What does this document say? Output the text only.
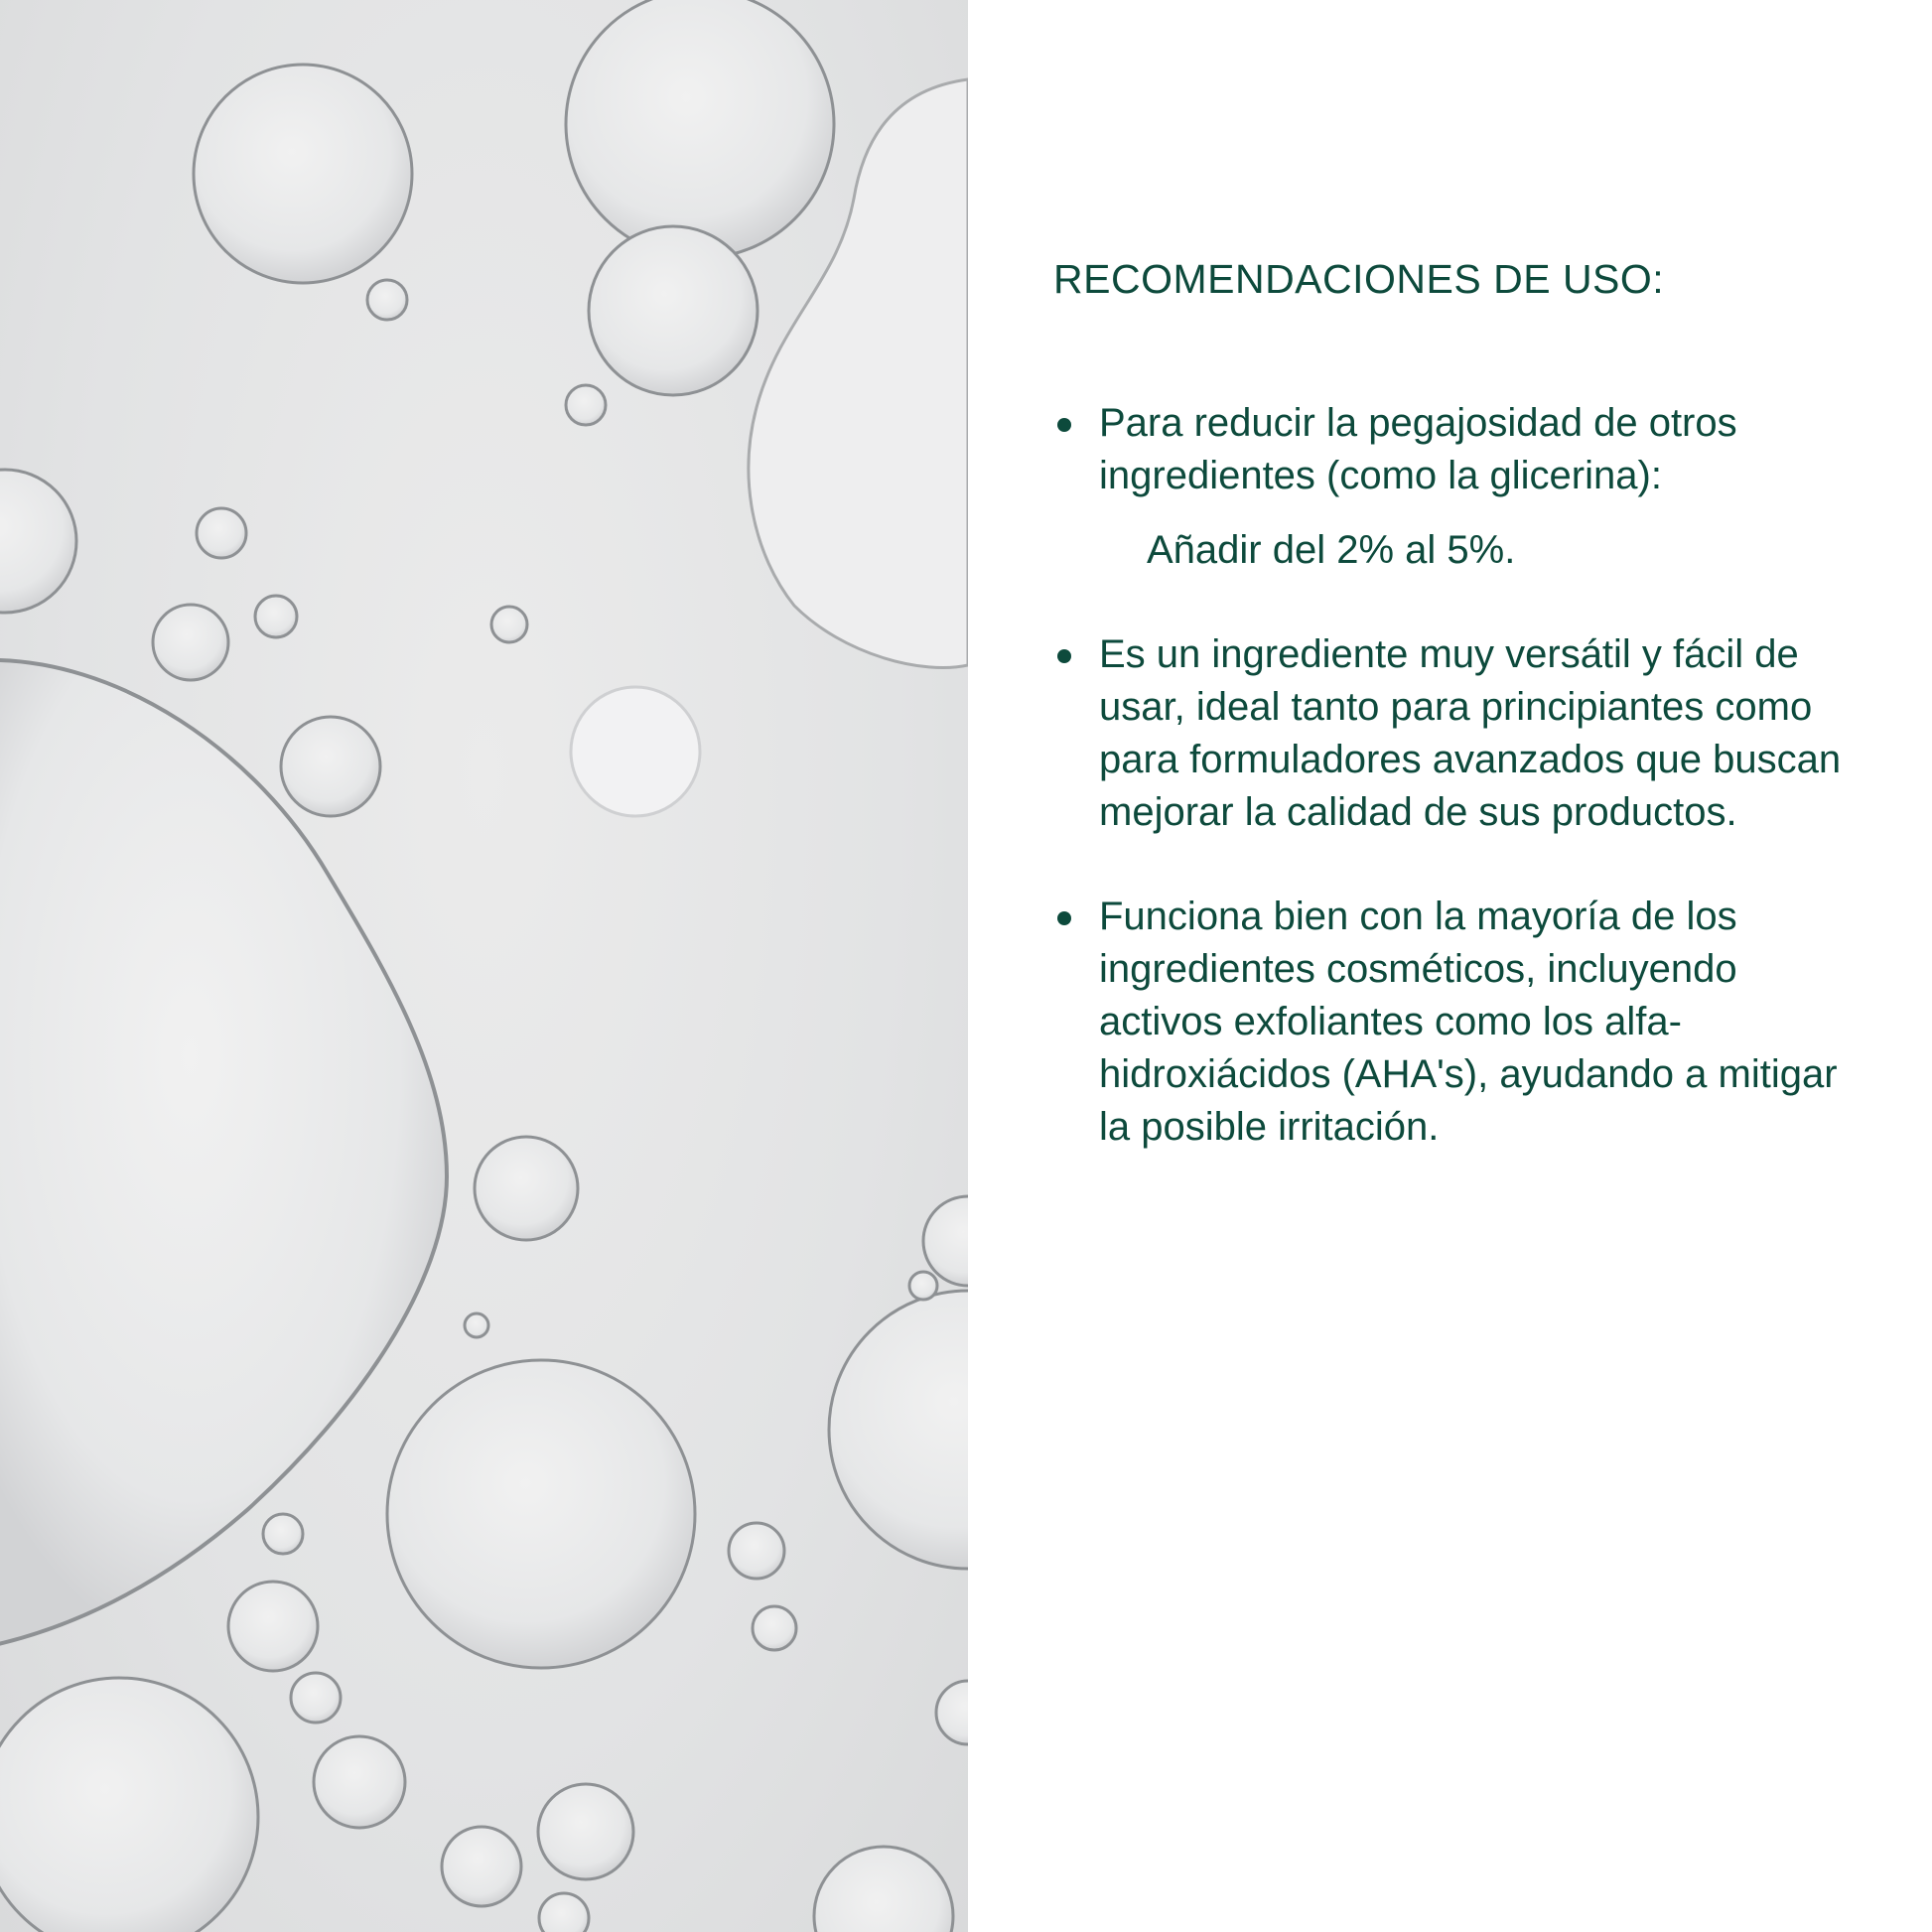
RECOMENDACIONES DE USO:
Para reducir la pegajosidad de otros ingredientes (como la glicerina):
Añadir del 2% al 5%.
Es un ingrediente muy versátil y fácil de usar, ideal tanto para principiantes como para formuladores avanzados que buscan mejorar la calidad de sus productos.
Funciona bien con la mayoría de los ingredientes cosméticos, incluyendo activos exfoliantes como los alfa-hidroxiácidos (AHA's), ayudando a mitigar la posible irritación.
